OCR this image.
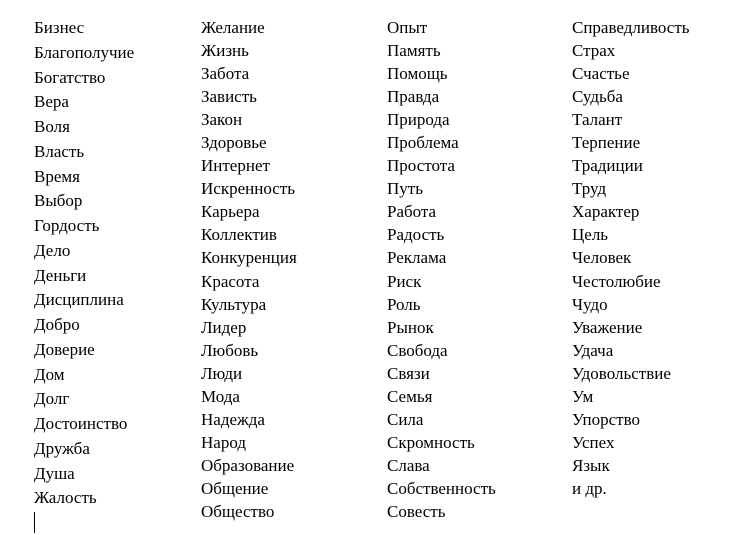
Бизнес
Благополучие
Богатство
Вера
Воля
Власть
Время
Выбор
Гордость
Дело
Деньги
Дисциплина
Добро
Доверие
Дом
Долг
Достоинство
Дружба
Душа
Жалость
Желание
Жизнь
Забота
Зависть
Закон
Здоровье
Интернет
Искренность
Карьера
Коллектив
Конкуренция
Красота
Культура
Лидер
Любовь
Люди
Мода
Надежда
Народ
Образование
Общение
Общество
Опыт
Память
Помощь
Правда
Природа
Проблема
Простота
Путь
Работа
Радость
Реклама
Риск
Роль
Рынок
Свобода
Связи
Семья
Сила
Скромность
Слава
Собственность
Совесть
Справедливость
Страх
Счастье
Судьба
Талант
Терпение
Традиции
Труд
Характер
Цель
Человек
Честолюбие
Чудо
Уважение
Удача
Удовольствие
Ум
Упорство
Успех
Язык
и др.
